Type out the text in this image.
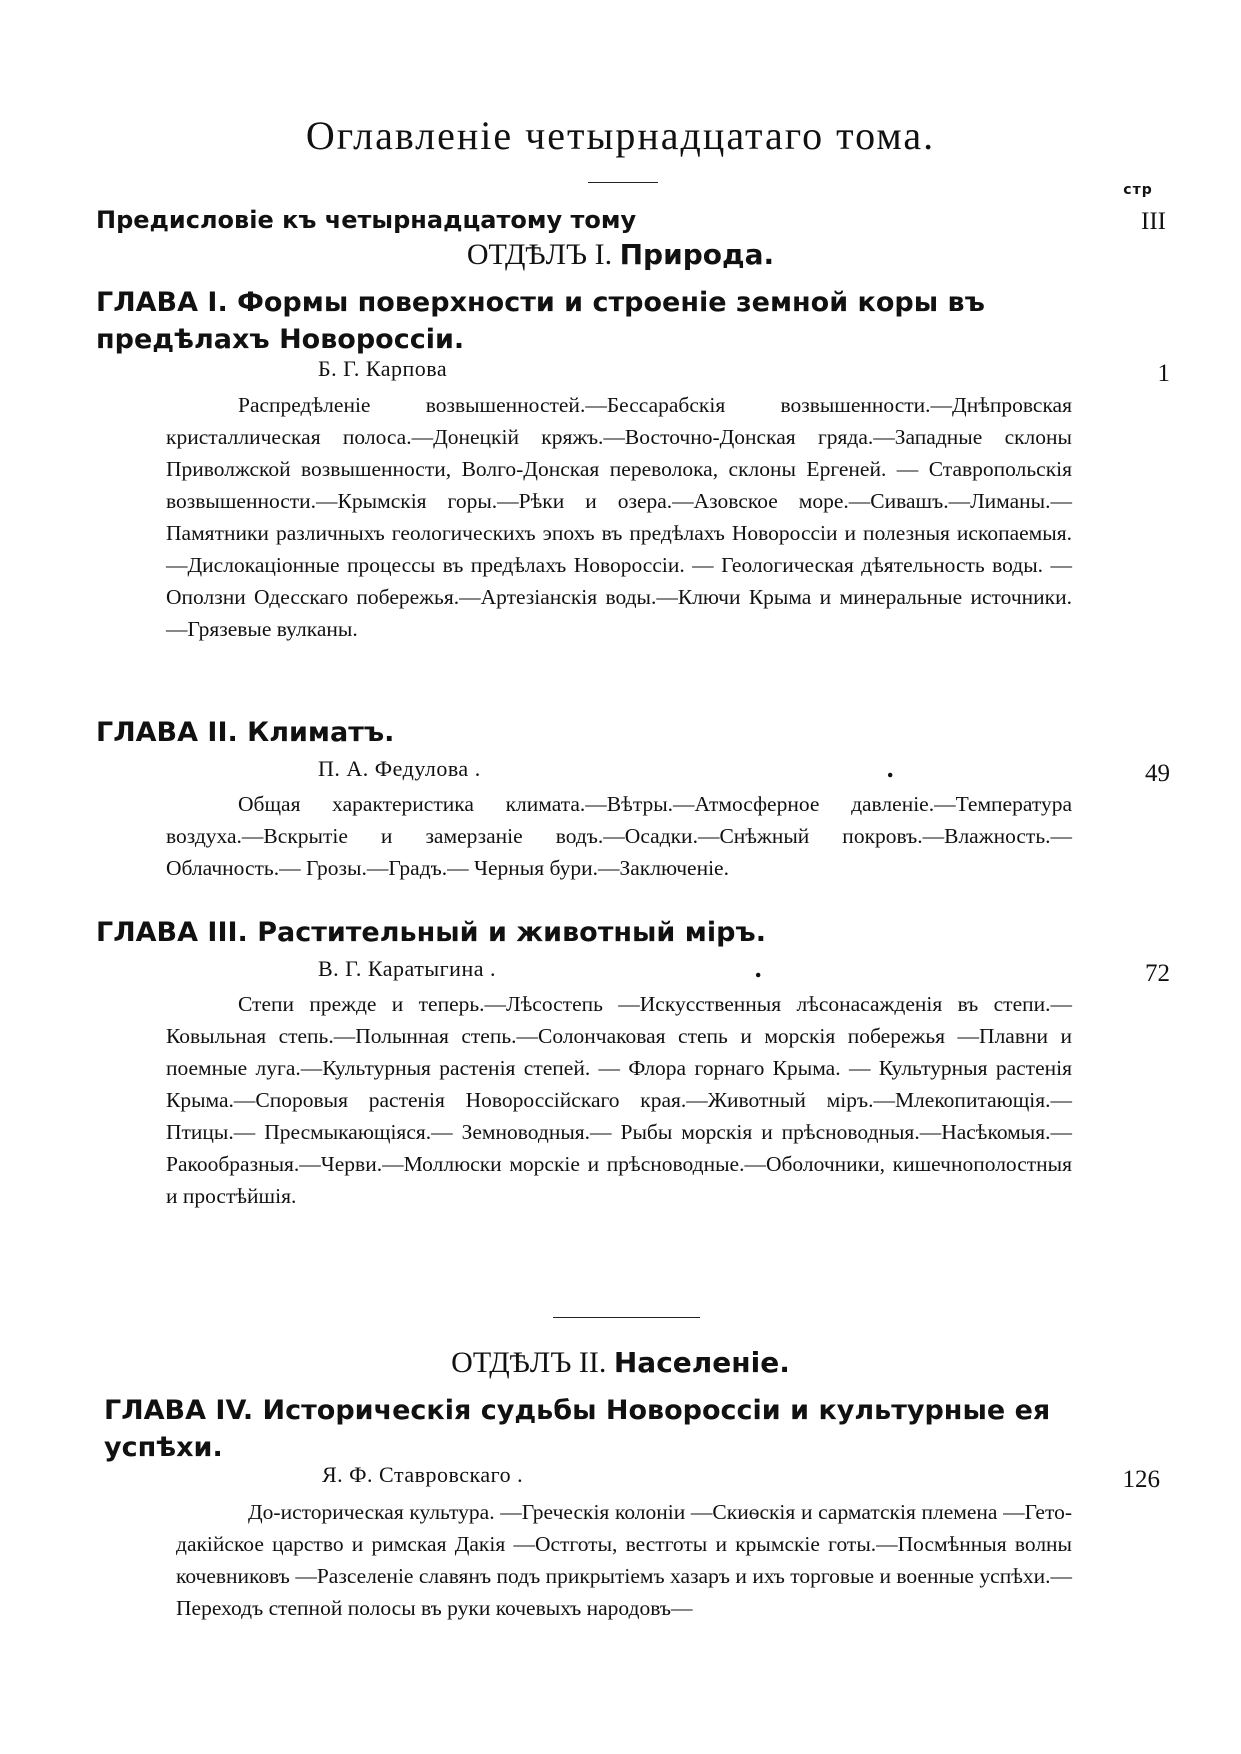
Оглавленіе четырнадцатаго тома.
стр
Предисловіе къ четырнадцатому тому	III
ОТДѢЛЪ I. Природа.
ГЛАВА I. Формы поверхности и строеніе земной коры въ предѣлахъ Новороссіи.
Б. Г. Карпова	1
Распредѣленіе возвышенностей.—Бессарабскія возвышенности.—Днѣпровская кристаллическая полоса.—Донецкій кряжъ.—Восточно-Донская гряда.—Западные склоны Приволжской возвышенности, Волго-Донская переволока, склоны Ергеней. — Ставропольскія возвышенности.—Крымскія горы.—Рѣки и озера.—Азовское море.—Сивашъ.—Лиманы.—Памятники различныхъ геологическихъ эпохъ въ предѣлахъ Новороссіи и полезныя ископаемыя.—Дислокаціонные процессы въ предѣлахъ Новороссіи. — Геологическая дѣятельность воды. — Оползни Одесскаго побережья.—Артезіанскія воды.—Ключи Крыма и минеральные источники.—Грязевые вулканы.
ГЛАВА II. Климатъ.
П. А. Федулова .	.	49
Общая характеристика климата.—Вѣтры.—Атмосферное давленіе.—Температура воздуха.—Вскрытіе и замерзаніе водъ.—Осадки.—Снѣжный покровъ.—Влажность.— Облачность.— Грозы.—Градъ.— Черныя бури.—Заключеніе.
ГЛАВА III. Растительный и животный міръ.
В. Г. Каратыгина .	.	72
Степи прежде и теперь.—Лѣсостепь —Искусственныя лѣсонасажденія въ степи.—Ковыльная степь.—Полынная степь.—Солончаковая степь и морскія побережья —Плавни и поемные луга.—Культурныя растенія степей. — Флора горнаго Крыма. — Культурныя растенія Крыма.—Споровыя растенія Новороссійскаго края.—Животный міръ.—Млекопитающія.— Птицы.— Пресмыкающіяся.— Земноводныя.— Рыбы морскія и прѣсноводныя.—Насѣкомыя.—Ракообразныя.—Черви.—Моллюски морскіе и прѣсноводные.—Оболочники, кишечнополостныя и простѣйшія.
ОТДѢЛЪ II. Населеніе.
ГЛАВА IV. Историческія судьбы Новороссіи и культурные ея успѣхи.
Я. Ф. Ставровскаго .	126
До-историческая культура. —Греческія колоніи —Скиѳскія и сарматскія племена —Гето-дакійское царство и римская Дакія —Остготы, вестготы и крымскіе готы.—Посмѣнныя волны кочевниковъ —Разселеніе славянъ подъ прикрытіемъ хазаръ и ихъ торговые и военные успѣхи.—Переходъ степной полосы въ руки кочевыхъ народовъ—
